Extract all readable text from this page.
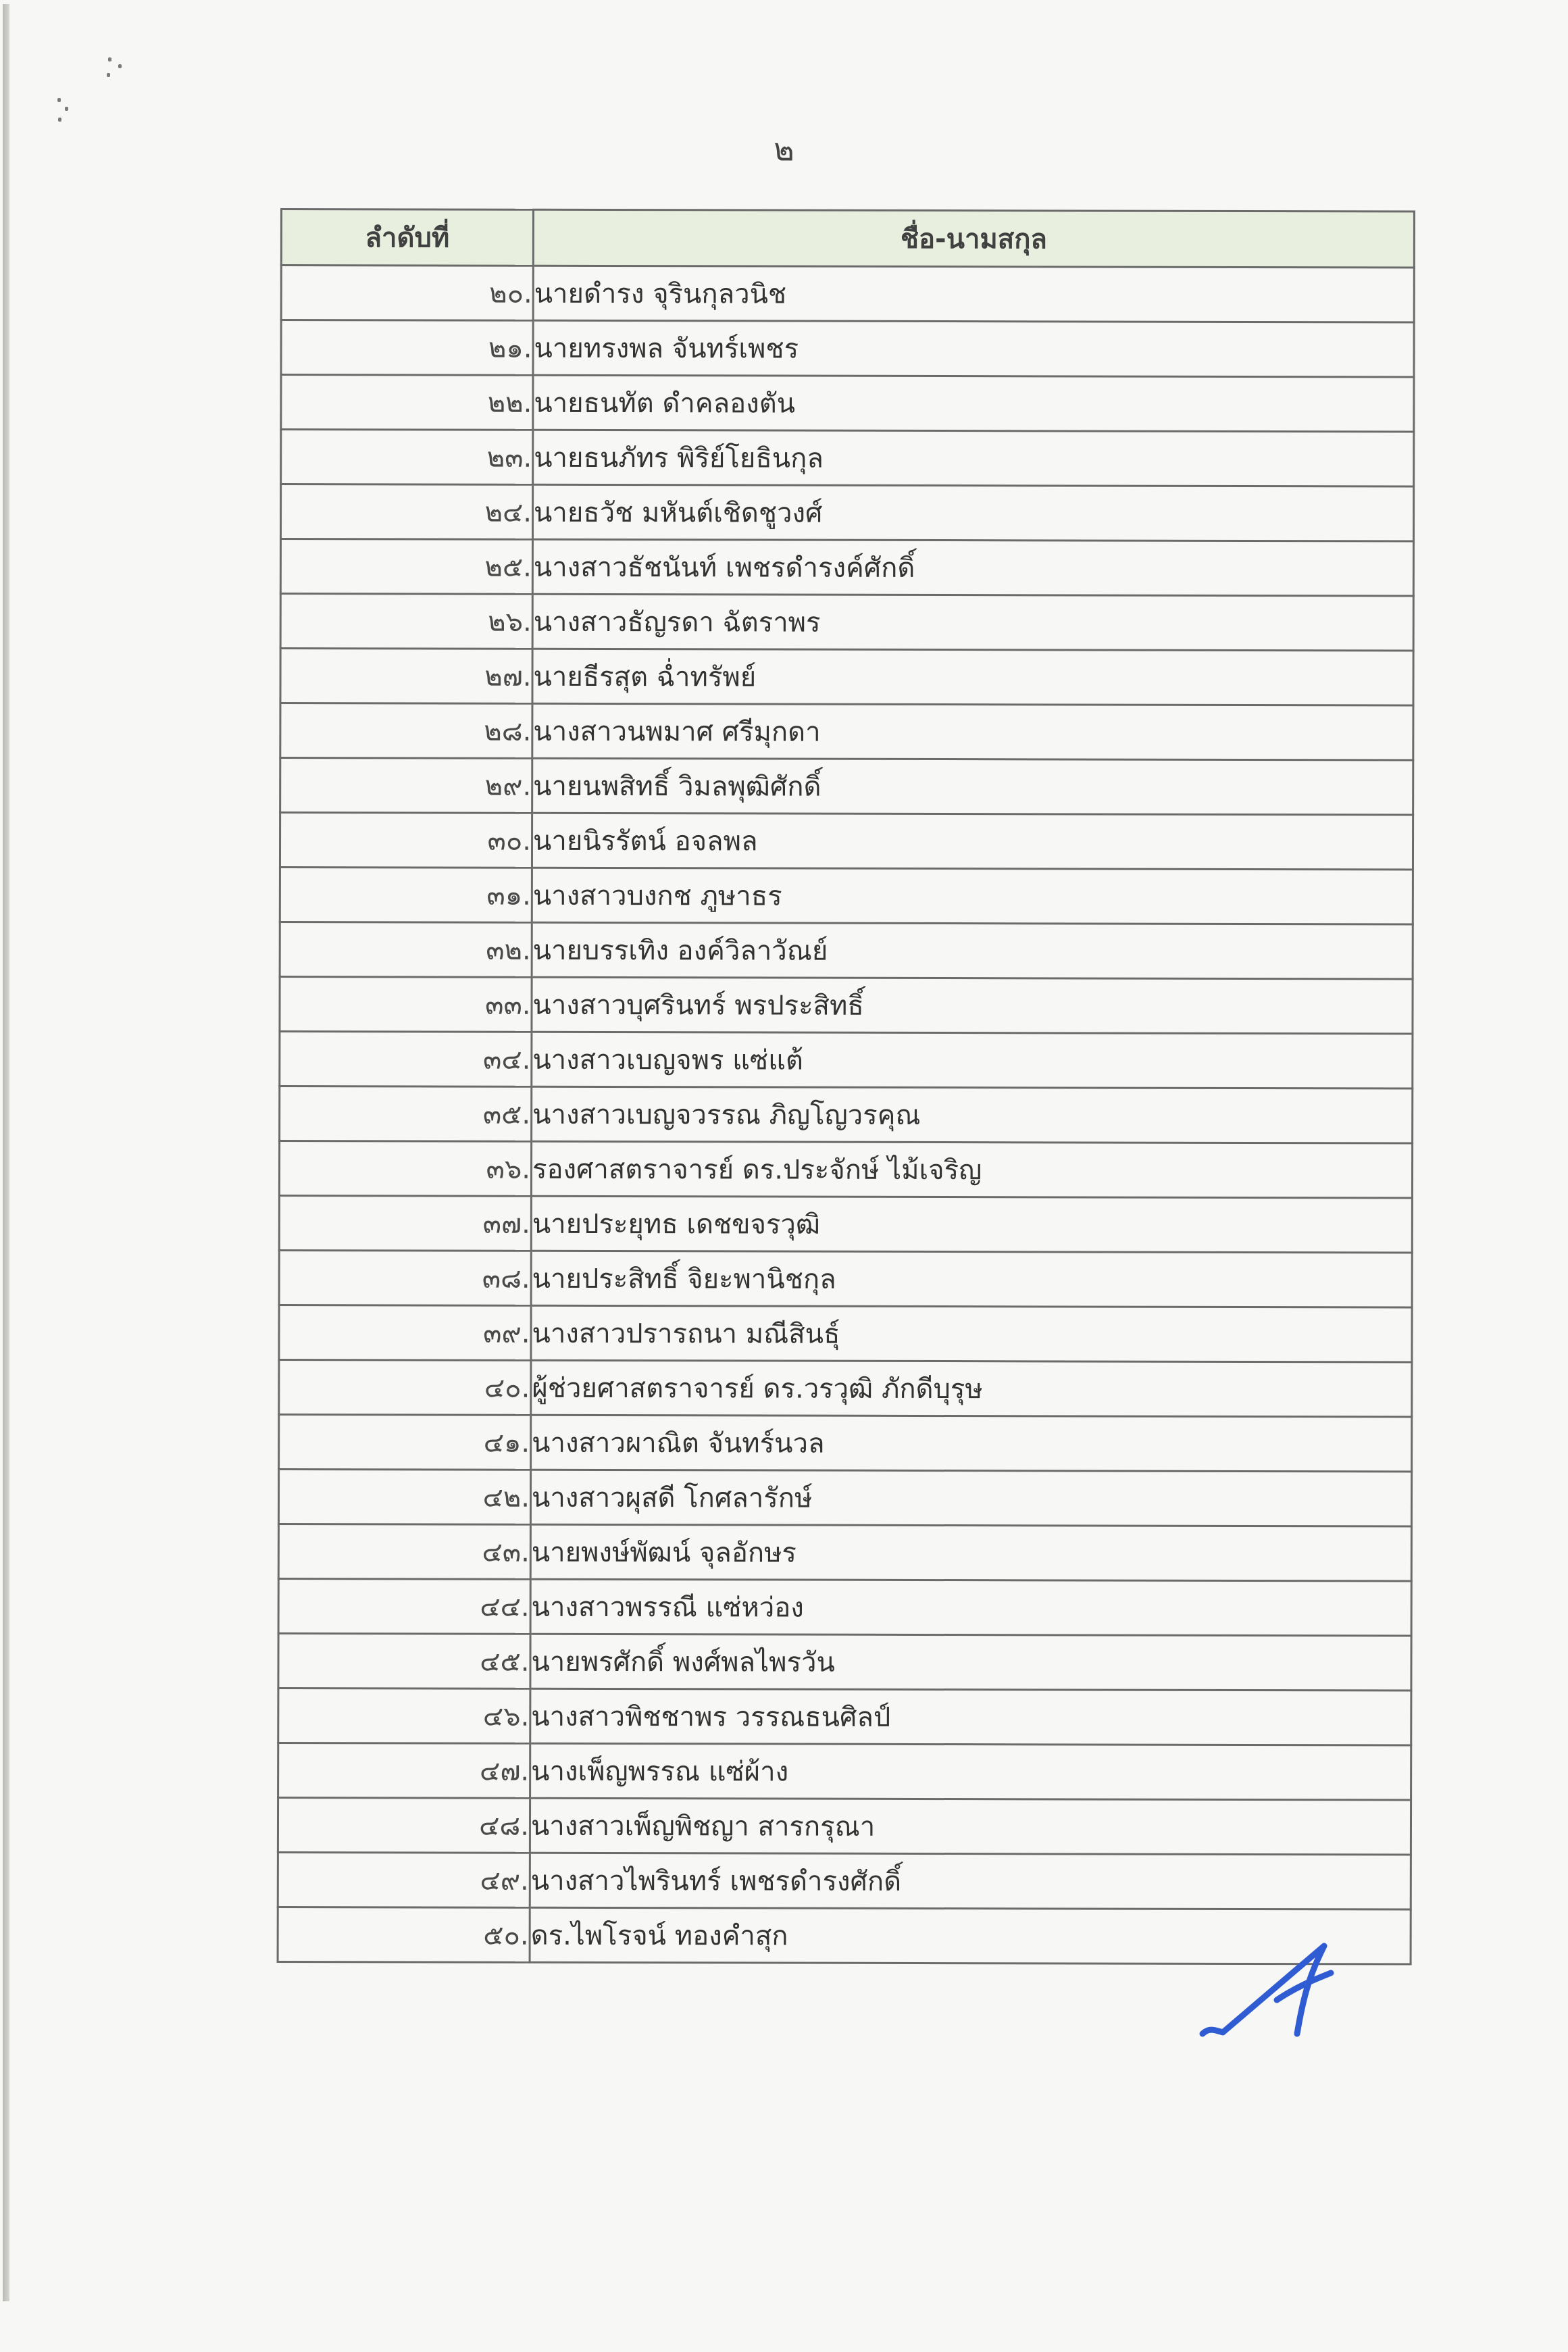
๒
ลำดับที่	ชื่อ-นามสกุล
๒๐.	นายดำรง จุรินกุลวนิช
๒๑.	นายทรงพล จันทร์เพชร
๒๒.	นายธนทัต ดำคลองตัน
๒๓.	นายธนภัทร พิริย์โยธินกุล
๒๔.	นายธวัช มหันต์เชิดชูวงศ์
๒๕.	นางสาวธัชนันท์ เพชรดำรงค์ศักดิ์
๒๖.	นางสาวธัญรดา ฉัตราพร
๒๗.	นายธีรสุต ฉ่ำทรัพย์
๒๘.	นางสาวนพมาศ ศรีมุกดา
๒๙.	นายนพสิทธิ์ วิมลพุฒิศักดิ์
๓๐.	นายนิรรัตน์ อจลพล
๓๑.	นางสาวบงกช ภูษาธร
๓๒.	นายบรรเทิง องค์วิลาวัณย์
๓๓.	นางสาวบุศรินทร์ พรประสิทธิ์
๓๔.	นางสาวเบญจพร แซ่แต้
๓๕.	นางสาวเบญจวรรณ ภิญโญวรคุณ
๓๖.	รองศาสตราจารย์ ดร.ประจักษ์ ไม้เจริญ
๓๗.	นายประยุทธ เดชขจรวุฒิ
๓๘.	นายประสิทธิ์ จิยะพานิชกุล
๓๙.	นางสาวปรารถนา มณีสินธุ์
๔๐.	ผู้ช่วยศาสตราจารย์ ดร.วรวุฒิ ภักดีบุรุษ
๔๑.	นางสาวผาณิต จันทร์นวล
๔๒.	นางสาวผุสดี โกศลารักษ์
๔๓.	นายพงษ์พัฒน์ จุลอักษร
๔๔.	นางสาวพรรณี แซ่หว่อง
๔๕.	นายพรศักดิ์ พงศ์พลไพรวัน
๔๖.	นางสาวพิชชาพร วรรณธนศิลป์
๔๗.	นางเพ็ญพรรณ แซ่ผ้าง
๔๘.	นางสาวเพ็ญพิชญา สารกรุณา
๔๙.	นางสาวไพรินทร์ เพชรดำรงศักดิ์
๕๐.	ดร.ไพโรจน์ ทองคำสุก
